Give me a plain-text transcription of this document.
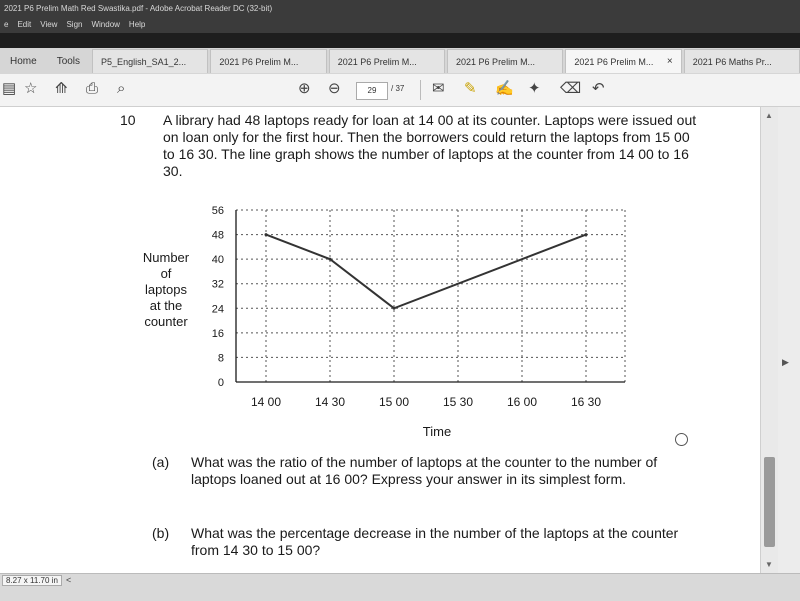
2021 P6 Prelim Math Red Swastika.pdf - Adobe Acrobat Reader DC (32-bit)
e Edit View Sign Window Help
Home	Tools	P5_English_SA1_2...	2021 P6 Prelim M...	2021 P6 Prelim M...	2021 P6 Prelim M...	2021 P6 Prelim M... × 2021 P6 Maths Pr...
▤ ☆ ⟰ ⎙ ⌕	⊕ ⊖	29	/ 37 ✉ ✎ ✍ ✦ ⌫ ↶
10 A library had 48 laptops ready for loan at 14 00 at its counter. Laptops were issued out on loan only for the first hour. Then the borrowers could return the laptops from 15 00 to 16 30. The line graph shows the number of laptops at the counter from 14 00 to 16 30.
0
8
16
24
32
40
48
56
14 00	14 30	15 00	15 30	16 00	16 30
Number
of
laptops
at the
counter
Time
(a) What was the ratio of the number of laptops at the counter to the number of laptops loaned out at 16 00? Express your answer in its simplest form.
(b) What was the percentage decrease in the number of the laptops at the counter from 14 30 to 15 00?
▲
▼
▶
8.27 x 11.70 in <
